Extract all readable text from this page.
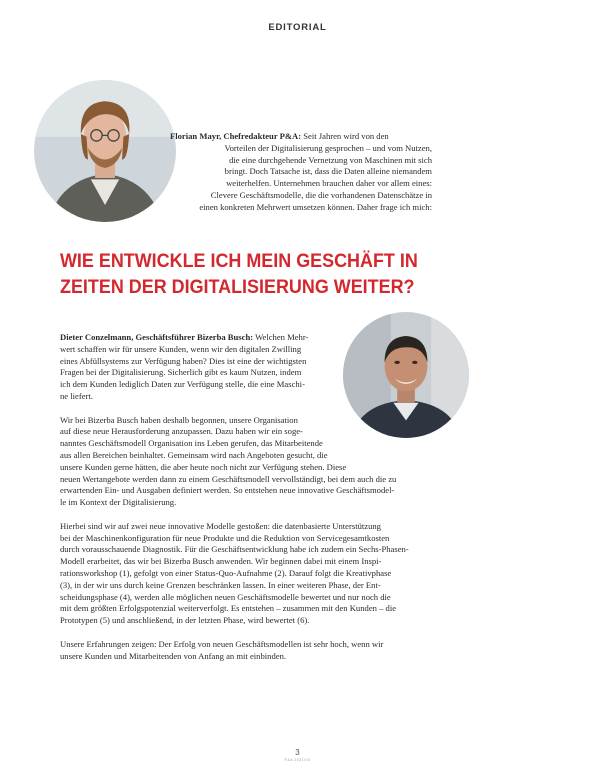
EDITORIAL
Florian Mayr, Chefredakteur P&A: Seit Jahren wird von den
Vorteilen der Digitalisierung gesprochen – und vom Nutzen,
die eine durchgehende Vernetzung von Maschinen mit sich
bringt. Doch Tatsache ist, dass die Daten alleine niemandem
weiterhelfen. Unternehmen brauchen daher vor allem eines:
Clevere Geschäftsmodelle, die die vorhandenen Datenschätze in
einen konkreten Mehrwert umsetzen können. Daher frage ich mich:
WIE ENTWICKLE ICH MEIN GESCHÄFT IN
ZEITEN DER DIGITALISIERUNG WEITER?
Dieter Conzelmann, Geschäftsführer Bizerba Busch: Welchen Mehr-
wert schaffen wir für unsere Kunden, wenn wir den digitalen Zwilling
eines Abfüllsystems zur Verfügung haben? Dies ist eine der wichtigsten
Fragen bei der Digitalisierung. Sicherlich gibt es kaum Nutzen, indem
ich dem Kunden lediglich Daten zur Verfügung stelle, die eine Maschi-
ne liefert.
Wir bei Bizerba Busch haben deshalb begonnen, unsere Organisation
auf diese neue Herausforderung anzupassen. Dazu haben wir ein soge-
nanntes Geschäftsmodell Organisation ins Leben gerufen, das Mitarbeitende
aus allen Bereichen beinhaltet. Gemeinsam wird nach Angeboten gesucht, die
unsere Kunden gerne hätten, die aber heute noch nicht zur Verfügung stehen. Diese
neuen Wertangebote werden dann zu einem Geschäftsmodell vervollständigt, bei dem auch die zu
erwartenden Ein- und Ausgaben definiert werden. So entstehen neue innovative Geschäftsmodel-
le im Kontext der Digitalisierung.
Hierbei sind wir auf zwei neue innovative Modelle gestoßen: die datenbasierte Unterstützung
bei der Maschinenkonfiguration für neue Produkte und die Reduktion von Servicegesamtkosten
durch vorausschauende Diagnostik. Für die Geschäftsentwicklung habe ich zudem ein Sechs-Phasen-
Modell erarbeitet, das wir bei Bizerba Busch anwenden. Wir beginnen dabei mit einem Inspi-
rationsworkshop (1), gefolgt von einer Status-Quo-Aufnahme (2). Darauf folgt die Kreativphase
(3), in der wir uns durch keine Grenzen beschränken lassen. In einer weiteren Phase, der Ent-
scheidungsphase (4), werden alle möglichen neuen Geschäftsmodelle bewertet und nur noch die
mit dem größten Erfolgspotenzial weiterverfolgt. Es entstehen – zusammen mit den Kunden – die
Prototypen (5) und anschließend, in der letzten Phase, wird bewertet (6).
Unsere Erfahrungen zeigen: Der Erfolg von neuen Geschäftsmodellen ist sehr hoch, wenn wir
unsere Kunden und Mitarbeitenden von Anfang an mit einbinden.
3
P&A 2021/03
